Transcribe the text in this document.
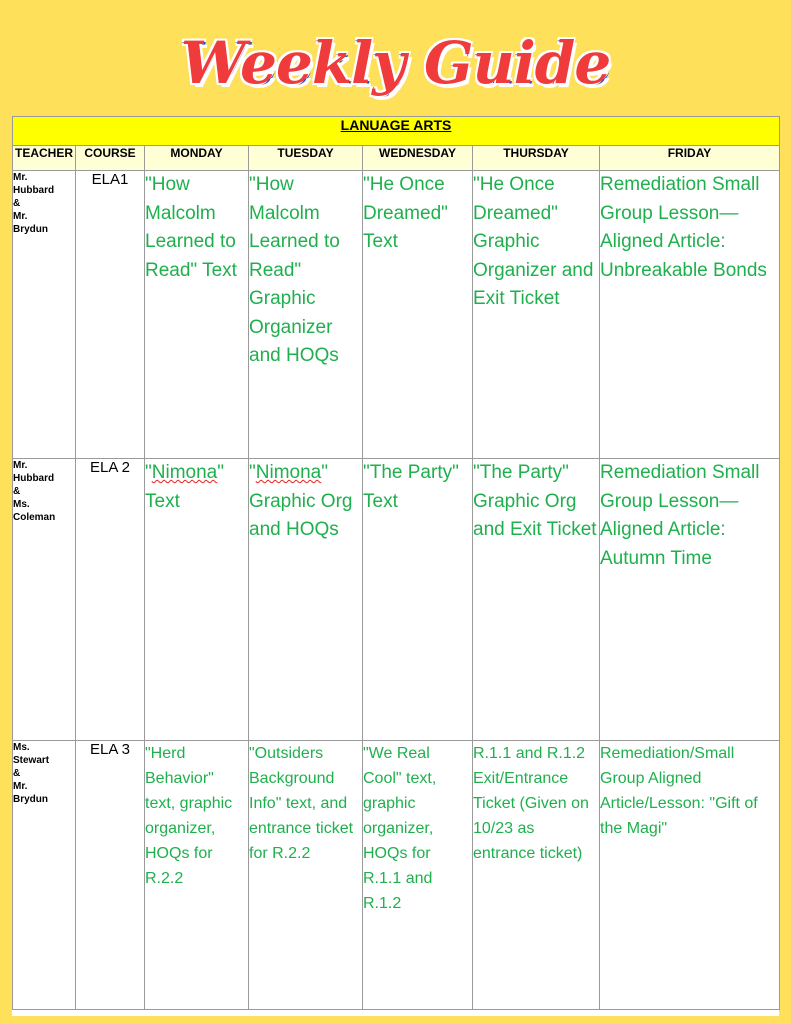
Weekly Guide
LANUAGE ARTS						
TEACHER	COURSE	MONDAY	TUESDAY	WEDNESDAY	THURSDAY	FRIDAY
Mr.
Hubbard
&
Mr.
Brydun	ELA1	"How Malcolm Learned to Read" Text	"How Malcolm Learned to Read" Graphic Organizer and HOQs	"He Once Dreamed" Text	"He Once Dreamed" Graphic Organizer and Exit Ticket	Remediation Small Group Lesson— Aligned Article: Unbreakable Bonds
Mr.
Hubbard
&
Ms.
Coleman	ELA 2	"Nimona" Text	"Nimona" Graphic Org and HOQs	"The Party" Text	"The Party" Graphic Org and Exit Ticket	Remediation Small Group Lesson— Aligned Article: Autumn Time
Ms.
Stewart
&
Mr.
Brydun	ELA 3	"Herd Behavior" text, graphic organizer, HOQs for R.2.2	"Outsiders Background Info" text, and entrance ticket for R.2.2	"We Real Cool" text, graphic organizer, HOQs for R.1.1 and R.1.2	R.1.1 and R.1.2 Exit/Entrance Ticket (Given on 10/23 as entrance ticket)	Remediation/Small Group Aligned Article/Lesson: "Gift of the Magi"
